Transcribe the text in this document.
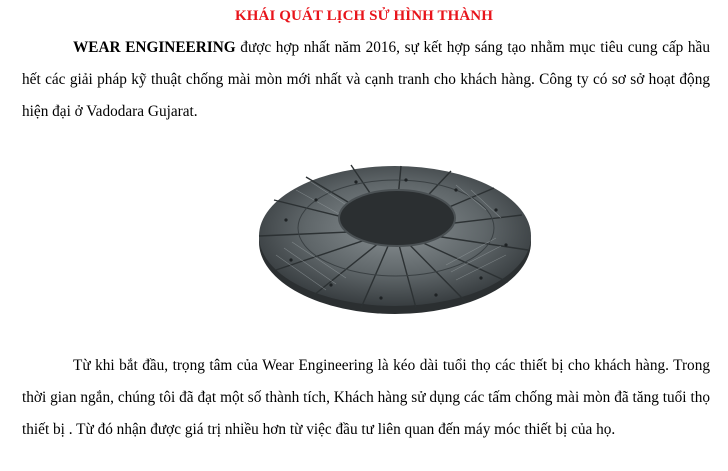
KHÁI QUÁT LỊCH SỬ HÌNH THÀNH
WEAR ENGINEERING được hợp nhất năm 2016, sự kết hợp sáng tạo nhằm mục tiêu cung cấp hầu hết các giải pháp kỹ thuật chống mài mòn mới nhất và cạnh tranh cho khách hàng. Công ty có sơ sở hoạt động hiện đại ở Vadodara Gujarat.
Từ khi bắt đầu, trọng tâm của Wear Engineering là kéo dài tuổi thọ các thiết bị cho khách hàng. Trong thời gian ngắn, chúng tôi đã đạt một số thành tích, Khách hàng sử dụng các tấm chống mài mòn đã tăng tuổi thọ thiết bị . Từ đó nhận được giá trị nhiều hơn từ việc đầu tư liên quan đến máy móc thiết bị của họ.
